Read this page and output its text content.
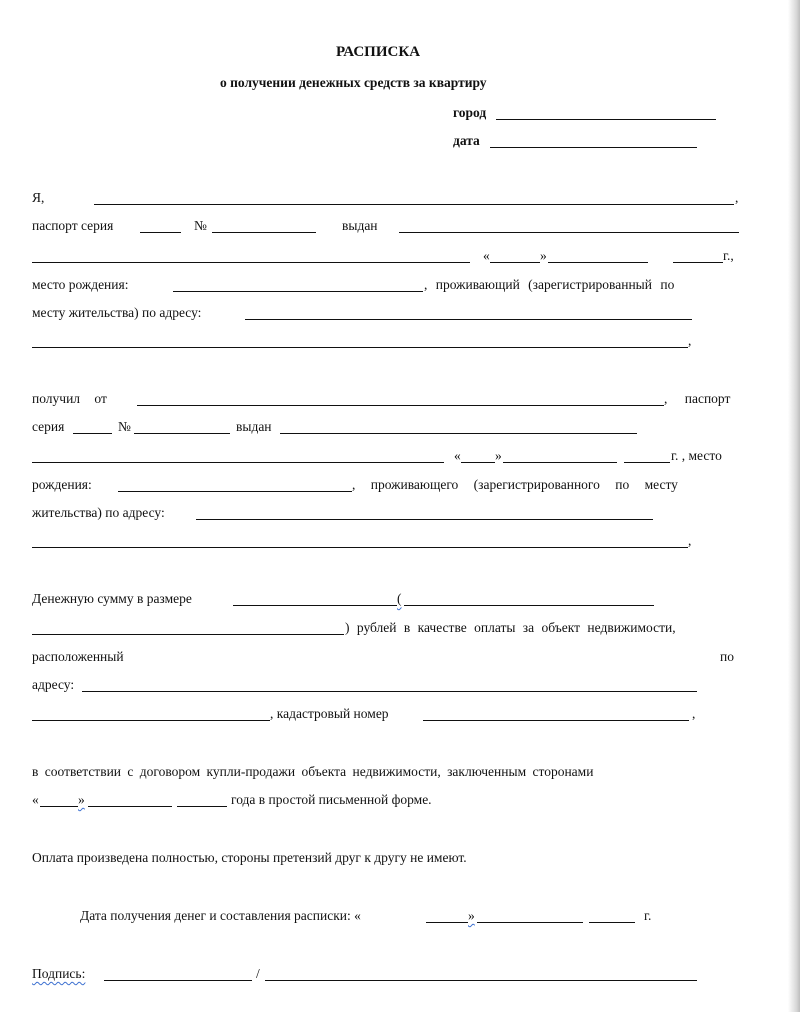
РАСПИСКА
о получении денежных средств за квартиру
город
дата
Я,	,
паспорт серия	№	выдан
«	»	г.,
место рождения:	, проживающий (зарегистрированный по
месту жительства) по адресу:
,
получил от	, паспорт
серия	№	выдан
«	»	г. , место
рождения:	, проживающего (зарегистрированного по месту
жительства) по адресу:
,
Денежную сумму в размере	(
) рублей в качестве оплаты за объект недвижимости,
расположенный	по
адресу:
, кадастровый номер	,
в соответствии с договором купли-продажи объекта недвижимости, заключенным сторонами
«	»	года в простой письменной форме.
Оплата произведена полностью, стороны претензий друг к другу не имеют.
Дата получения денег и составления расписки: «	»	г.
Подпись:	/
